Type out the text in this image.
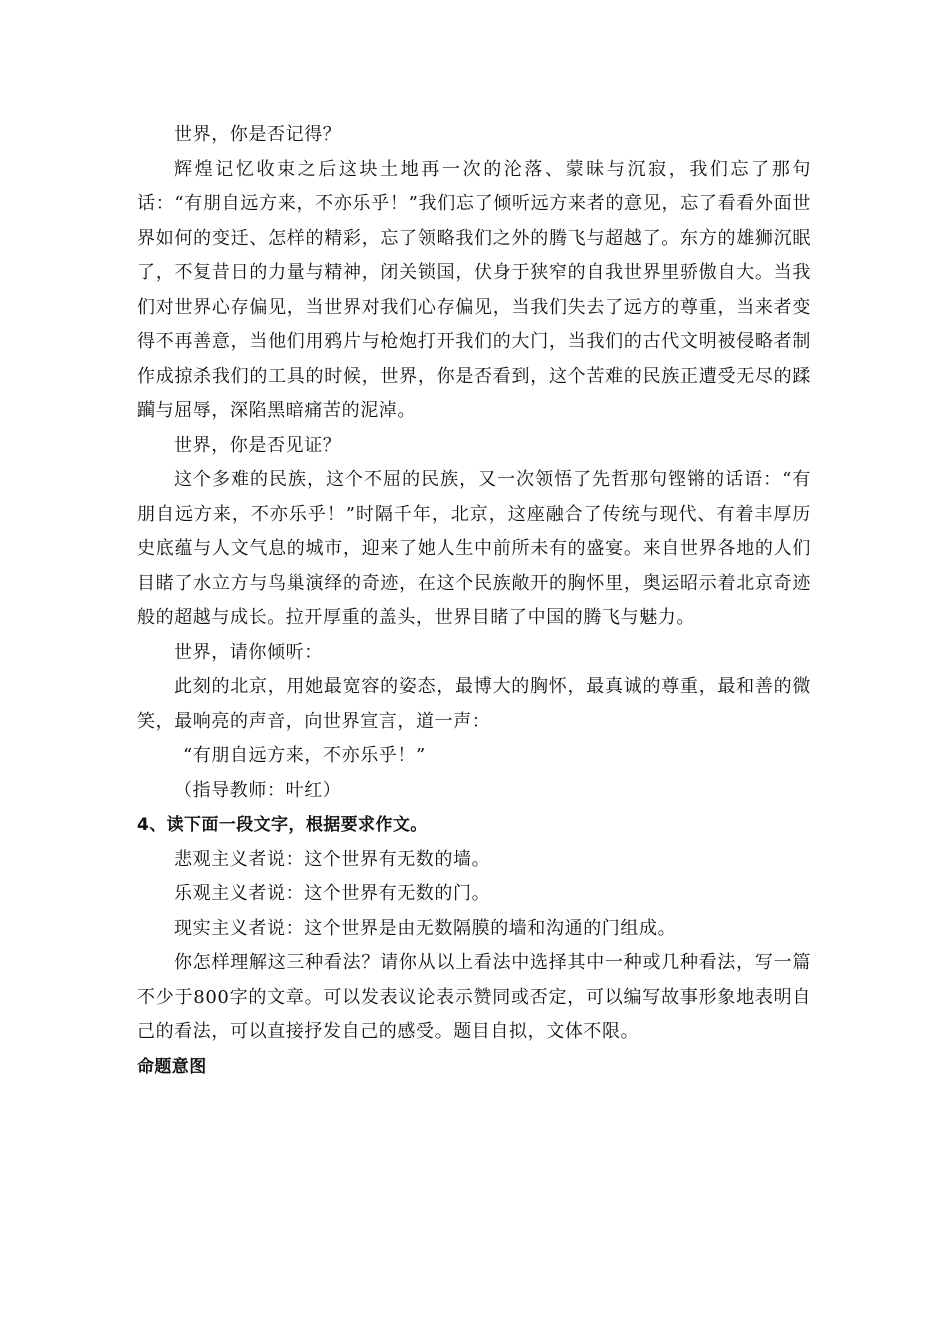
世界，你是否记得？

辉煌记忆收束之后这块土地再一次的沦落、蒙昧与沉寂，我们忘了那句话：“有朋自远方来，不亦乐乎！”我们忘了倾听远方来者的意见，忘了看看外面世界如何的变迁、怎样的精彩，忘了领略我们之外的腾飞与超越了。东方的雄狮沉眠了，不复昔日的力量与精神，闭关锁国，伏身于狭窄的自我世界里骄傲自大。当我们对世界心存偏见，当世界对我们心存偏见，当我们失去了远方的尊重，当来者变得不再善意，当他们用鸦片与枪炮打开我们的大门，当我们的古代文明被侵略者制作成掠杀我们的工具的时候，世界，你是否看到，这个苦难的民族正遭受无尽的蹂躏与屈辱，深陷黑暗痛苦的泥淖。

世界，你是否见证？

这个多难的民族，这个不屈的民族，又一次领悟了先哲那句铿锵的话语：“有朋自远方来，不亦乐乎！”时隔千年，北京，这座融合了传统与现代、有着丰厚历史底蕴与人文气息的城市，迎来了她人生中前所未有的盛宴。来自世界各地的人们目睹了水立方与鸟巢演绎的奇迹，在这个民族敞开的胸怀里，奥运昭示着北京奇迹般的超越与成长。拉开厚重的盖头，世界目睹了中国的腾飞与魅力。

世界，请你倾听：

此刻的北京，用她最宽容的姿态，最博大的胸怀，最真诚的尊重，最和善的微笑，最响亮的声音，向世界宣言，道一声：

“有朋自远方来，不亦乐乎！”

（指导教师：叶红）

4、读下面一段文字，根据要求作文。

悲观主义者说：这个世界有无数的墙。

乐观主义者说：这个世界有无数的门。

现实主义者说：这个世界是由无数隔膜的墙和沟通的门组成。

你怎样理解这三种看法？请你从以上看法中选择其中一种或几种看法，写一篇不少于800字的文章。可以发表议论表示赞同或否定，可以编写故事形象地表明自己的看法，可以直接抒发自己的感受。题目自拟，文体不限。

命题意图
